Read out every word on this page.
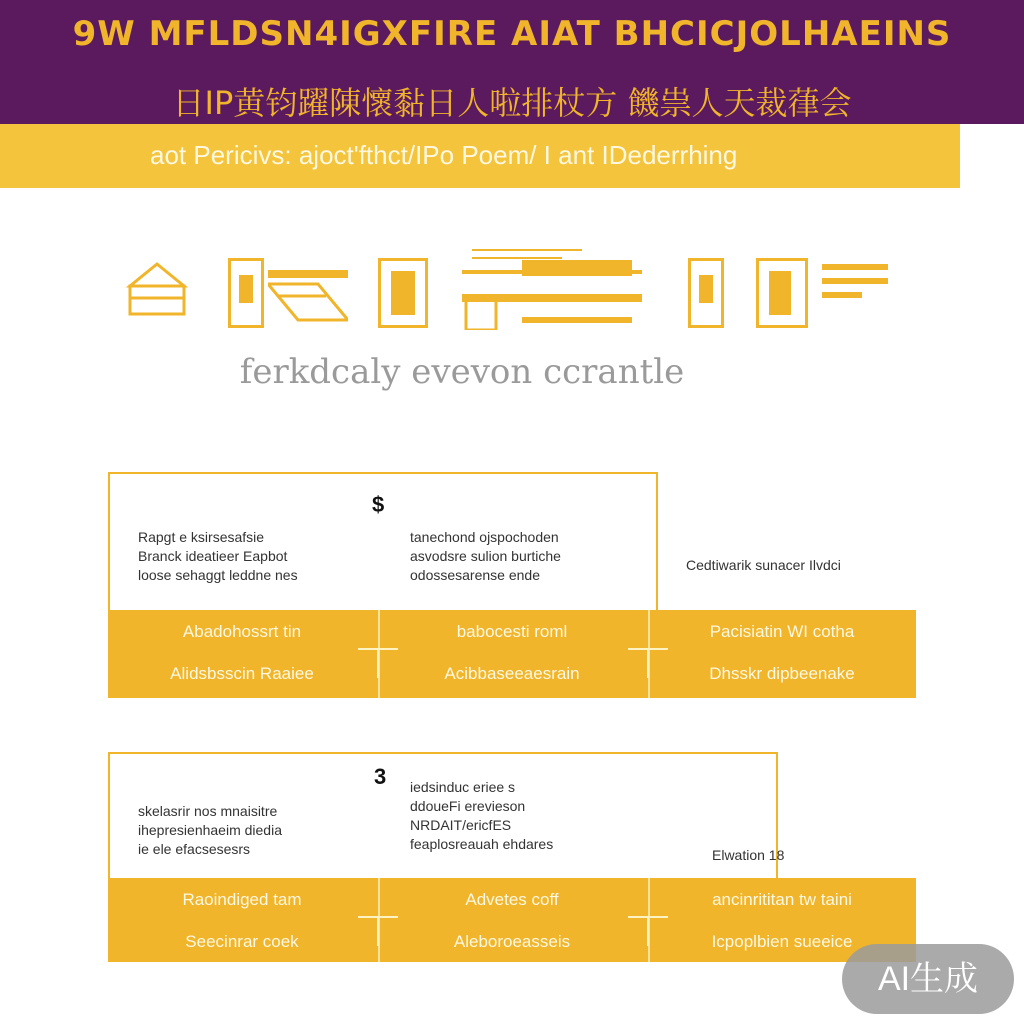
9W MFLDSN4IGXFIRE AIAT BHCICJOLHAEINS
日IP黄钧躍陳懷黏日人啦排杖方 饑祟人天裁葎会
aot Pericivs: ajoct'fthct/IPo Poem/ I ant IDederrhing
ferkdcaly evevon ccrantle
$
Rapgt e ksirsesafsie
Branck ideatieer Eapbot
loose sehaggt leddne nes
tanechond ojspochoden
asvodsre sulion burtiche
odossesarense ende
Cedtiwarik sunacer Ilvdci
Abadohossrt tin	babocesti roml	Pacisiatin WI cotha
Alidsbsscin Raaiee	Acibbaseeaesrain	Dhsskr dipbeenake
3
skelasrir nos mnaisitre
ihepresienhaeim diedia
ie ele efacsesesrs
iedsinduc eriee s
ddoueFi erevieson
NRDAIT/ericfES
feaplosreauah ehdares
Elwation 18
Raoindiged tam	Advetes coff	ancinrititan tw taini
Seecinrar coek	Aleboroeasseis	Icpoplbien sueeice
AI生成
